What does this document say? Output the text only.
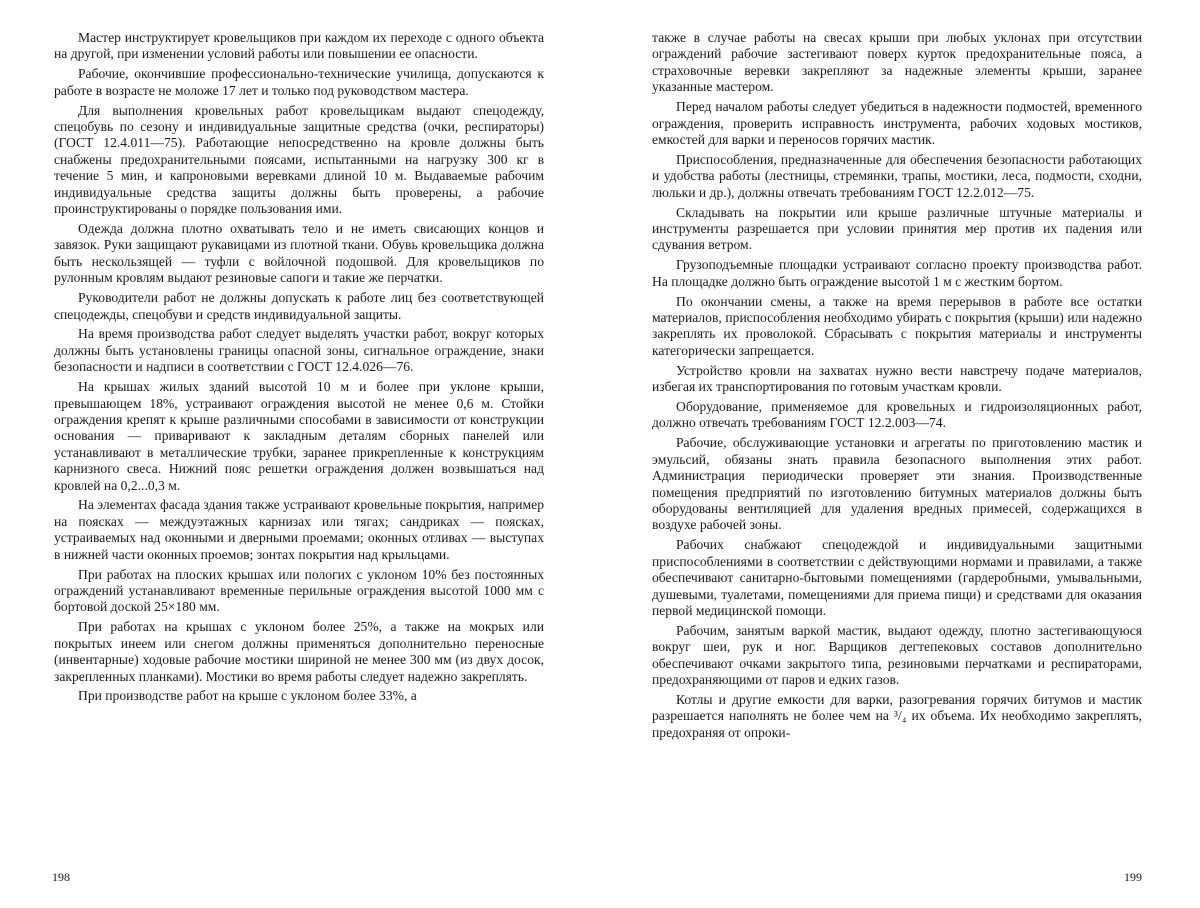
Мастер инструктирует кровельщиков при каждом их переходе с одного объекта на другой, при изменении условий работы или повышении ее опасности.

Рабочие, окончившие профессионально-технические училища, допускаются к работе в возрасте не моложе 17 лет и только под руководством мастера.

Для выполнения кровельных работ кровельщикам выдают спецодежду, спецобувь по сезону и индивидуальные защитные средства (очки, респираторы) (ГОСТ 12.4.011—75). Работающие непосредственно на кровле должны быть снабжены предохранительными поясами, испытанными на нагрузку 300 кг в течение 5 мин, и капроновыми веревками длиной 10 м. Выдаваемые рабочим индивидуальные средства защиты должны быть проверены, а рабочие проинструктированы о порядке пользования ими.

Одежда должна плотно охватывать тело и не иметь свисающих концов и завязок. Руки защищают рукавицами из плотной ткани. Обувь кровельщика должна быть нескользящей — туфли с войлочной подошвой. Для кровельщиков по рулонным кровлям выдают резиновые сапоги и такие же перчатки.

Руководители работ не должны допускать к работе лиц без соответствующей спецодежды, спецобуви и средств индивидуальной защиты.

На время производства работ следует выделять участки работ, вокруг которых должны быть установлены границы опасной зоны, сигнальное ограждение, знаки безопасности и надписи в соответствии с ГОСТ 12.4.026—76.

На крышах жилых зданий высотой 10 м и более при уклоне крыши, превышающем 18%, устраивают ограждения высотой не менее 0,6 м. Стойки ограждения крепят к крыше различными способами в зависимости от конструкции основания — приваривают к закладным деталям сборных панелей или устанавливают в металлические трубки, заранее прикрепленные к конструкциям карнизного свеса. Нижний пояс решетки ограждения должен возвышаться над кровлей на 0,2...0,3 м.

На элементах фасада здания также устраивают кровельные покрытия, например на поясках — междуэтажных карнизах или тягах; сандриках — поясках, устраиваемых над оконными и дверными проемами; оконных отливах — выступах в нижней части оконных проемов; зонтах покрытия над крыльцами.

При работах на плоских крышах или пологих с уклоном 10% без постоянных ограждений устанавливают временные перильные ограждения высотой 1000 мм с бортовой доской 25×180 мм.

При работах на крышах с уклоном более 25%, а также на мокрых или покрытых инеем или снегом должны применяться дополнительно переносные (инвентарные) ходовые рабочие мостики шириной не менее 300 мм (из двух досок, закрепленных планками). Мостики во время работы следует надежно закреплять.

При производстве работ на крыше с уклоном более 33%, а

198

также в случае работы на свесах крыши при любых уклонах при отсутствии ограждений рабочие застегивают поверх курток предохранительные пояса, а страховочные веревки закрепляют за надежные элементы крыши, заранее указанные мастером.

Перед началом работы следует убедиться в надежности подмостей, временного ограждения, проверить исправность инструмента, рабочих ходовых мостиков, емкостей для варки и переносов горячих мастик.

Приспособления, предназначенные для обеспечения безопасности работающих и удобства работы (лестницы, стремянки, трапы, мостики, леса, подмости, сходни, люльки и др.), должны отвечать требованиям ГОСТ 12.2.012—75.

Складывать на покрытии или крыше различные штучные материалы и инструменты разрешается при условии принятия мер против их падения или сдувания ветром.

Грузоподъемные площадки устраивают согласно проекту производства работ. На площадке должно быть ограждение высотой 1 м с жестким бортом.

По окончании смены, а также на время перерывов в работе все остатки материалов, приспособления необходимо убирать с покрытия (крыши) или надежно закреплять их проволокой. Сбрасывать с покрытия материалы и инструменты категорически запрещается.

Устройство кровли на захватах нужно вести навстречу подаче материалов, избегая их транспортирования по готовым участкам кровли.

Оборудование, применяемое для кровельных и гидроизоляционных работ, должно отвечать требованиям ГОСТ 12.2.003—74.

Рабочие, обслуживающие установки и агрегаты по приготовлению мастик и эмульсий, обязаны знать правила безопасного выполнения этих работ. Администрация периодически проверяет эти знания. Производственные помещения предприятий по изготовлению битумных материалов должны быть оборудованы вентиляцией для удаления вредных примесей, содержащихся в воздухе рабочей зоны.

Рабочих снабжают спецодеждой и индивидуальными защитными приспособлениями в соответствии с действующими нормами и правилами, а также обеспечивают санитарно-бытовыми помещениями (гардеробными, умывальными, душевыми, туалетами, помещениями для приема пищи) и средствами для оказания первой медицинской помощи.

Рабочим, занятым варкой мастик, выдают одежду, плотно застегивающуюся вокруг шеи, рук и ног. Варщиков дегтепековых составов дополнительно обеспечивают очками закрытого типа, резиновыми перчатками и респираторами, предохраняющими от паров и едких газов.

Котлы и другие емкости для варки, разогревания горячих битумов и мастик разрешается наполнять не более чем на ³/₄ их объема. Их необходимо закреплять, предохраняя от опроки-

199
